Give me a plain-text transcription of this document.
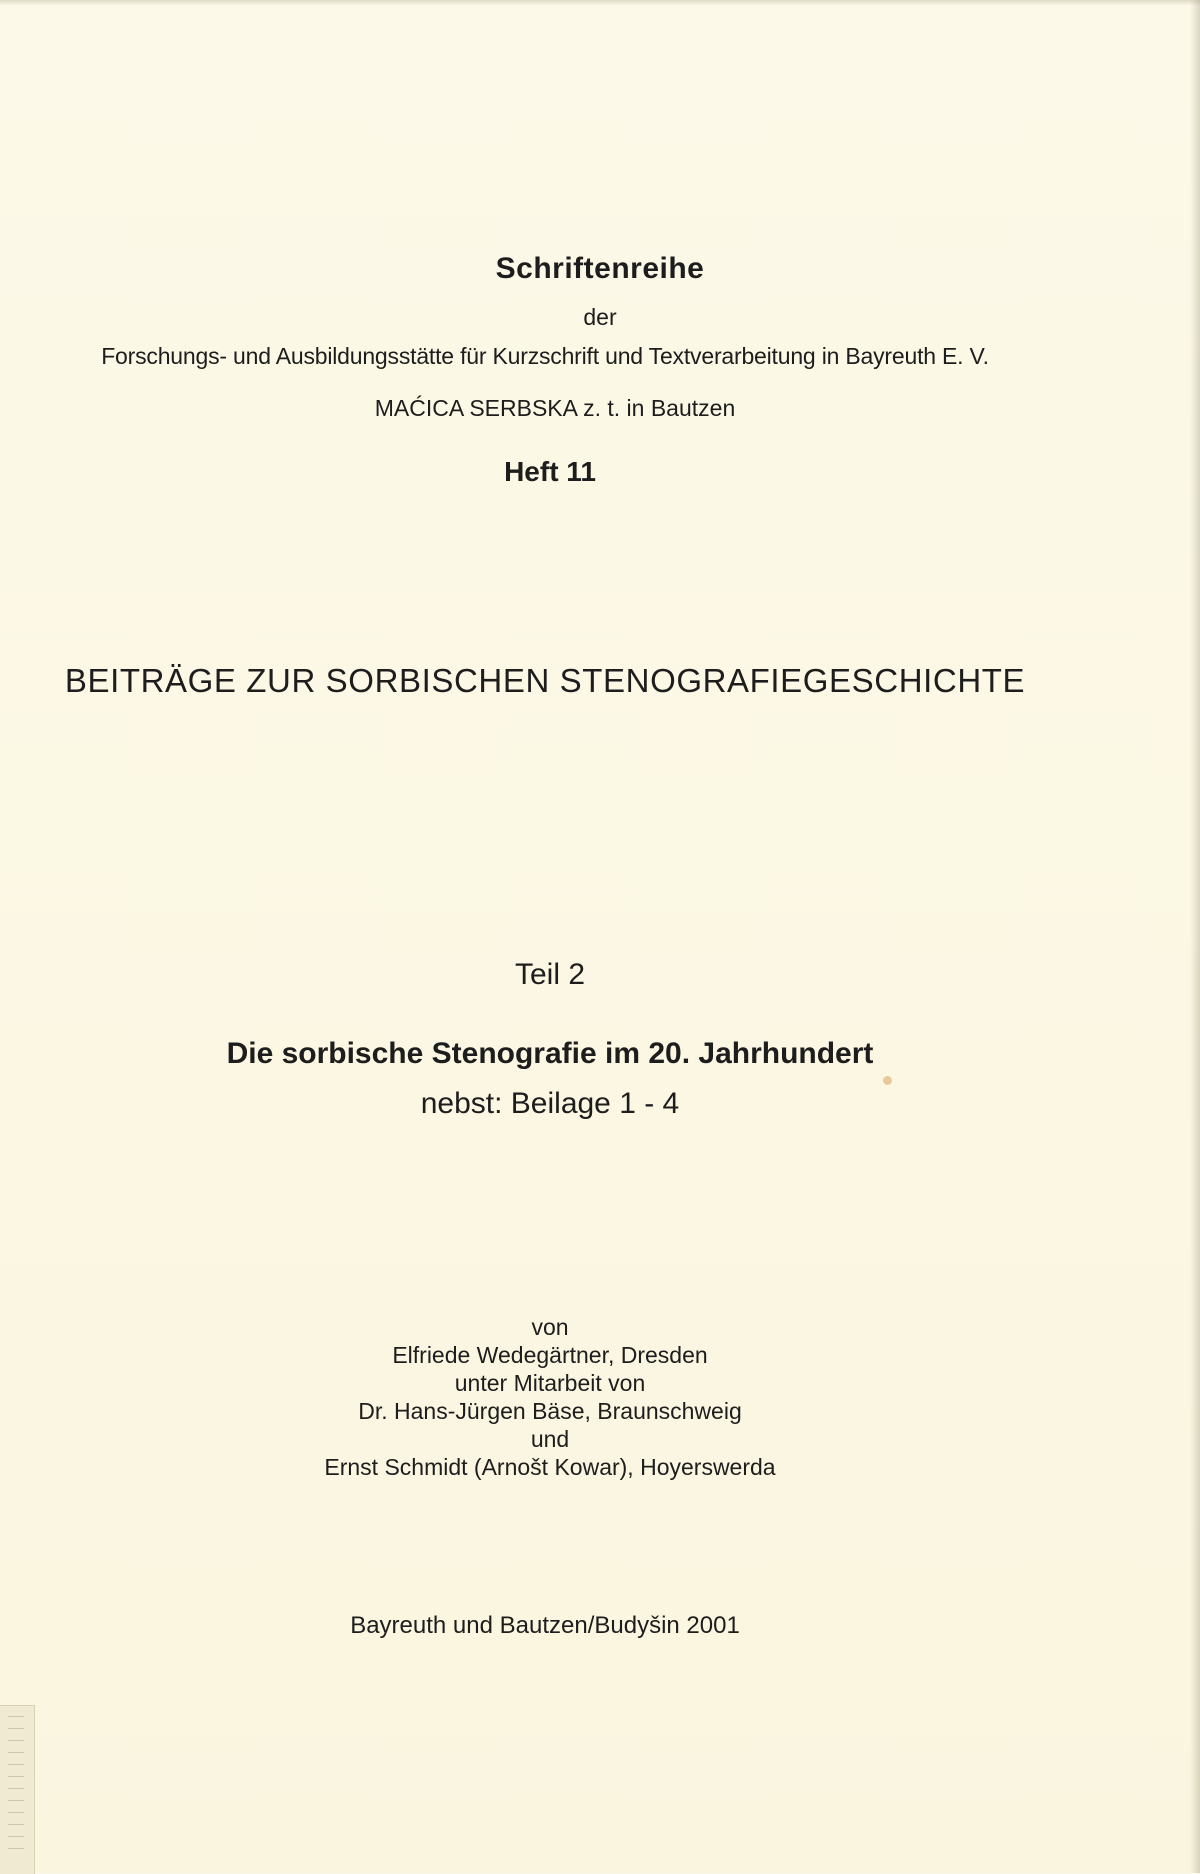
Schriftenreihe
der
Forschungs- und Ausbildungsstätte für Kurzschrift und Textverarbeitung in Bayreuth E. V.
MAĆICA SERBSKA z. t. in Bautzen
Heft 11
BEITRÄGE ZUR SORBISCHEN STENOGRAFIEGESCHICHTE
Teil 2
Die sorbische Stenografie im 20. Jahrhundert
nebst: Beilage 1 - 4
von
Elfriede Wedegärtner, Dresden
unter Mitarbeit von
Dr. Hans-Jürgen Bäse, Braunschweig
und
Ernst Schmidt (Arnošt Kowar), Hoyerswerda
Bayreuth und Bautzen/Budyšin 2001
